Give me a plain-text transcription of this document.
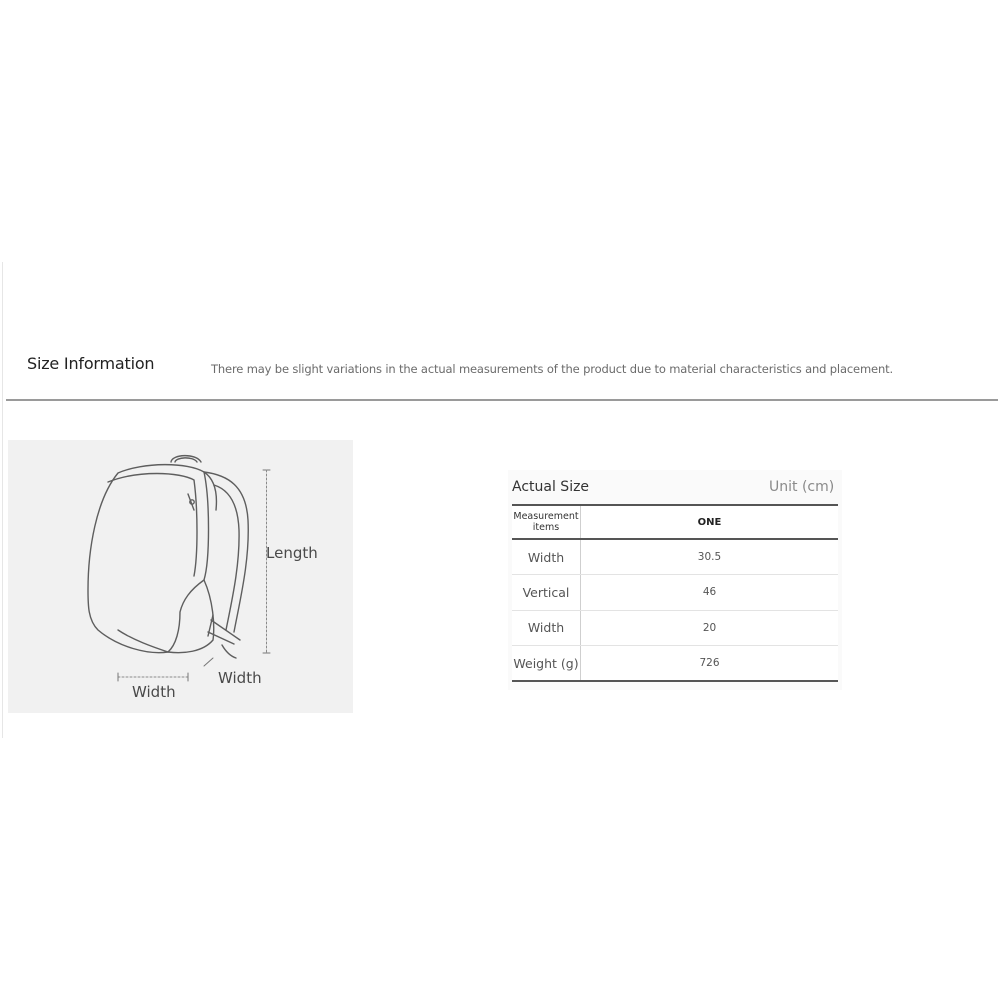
Size Information	There may be slight variations in the actual measurements of the product due to material characteristics and placement.
Length
Width
Width
Actual Size	Unit (cm)
Measurement items	ONE
Width	30.5
Vertical	46
Width	20
Weight (g)	726
